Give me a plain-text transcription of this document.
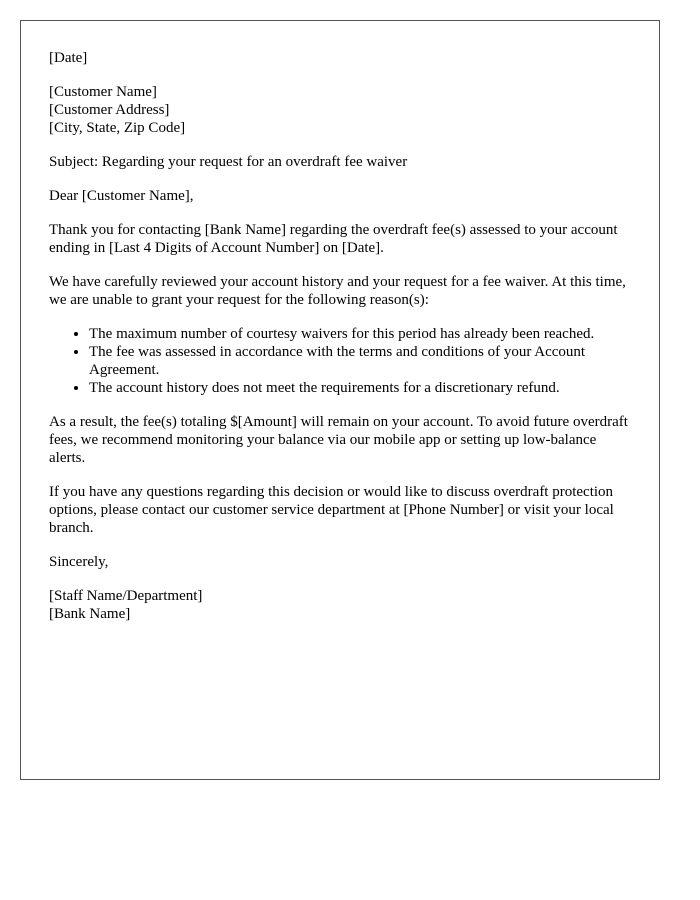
[Date]

[Customer Name]
[Customer Address]
[City, State, Zip Code]

Subject: Regarding your request for an overdraft fee waiver

Dear [Customer Name],

Thank you for contacting [Bank Name] regarding the overdraft fee(s) assessed to your account ending in [Last 4 Digits of Account Number] on [Date].

We have carefully reviewed your account history and your request for a fee waiver. At this time, we are unable to grant your request for the following reason(s):

• The maximum number of courtesy waivers for this period has already been reached.
• The fee was assessed in accordance with the terms and conditions of your Account Agreement.
• The account history does not meet the requirements for a discretionary refund.

As a result, the fee(s) totaling $[Amount] will remain on your account. To avoid future overdraft fees, we recommend monitoring your balance via our mobile app or setting up low-balance alerts.

If you have any questions regarding this decision or would like to discuss overdraft protection options, please contact our customer service department at [Phone Number] or visit your local branch.

Sincerely,

[Staff Name/Department]
[Bank Name]
